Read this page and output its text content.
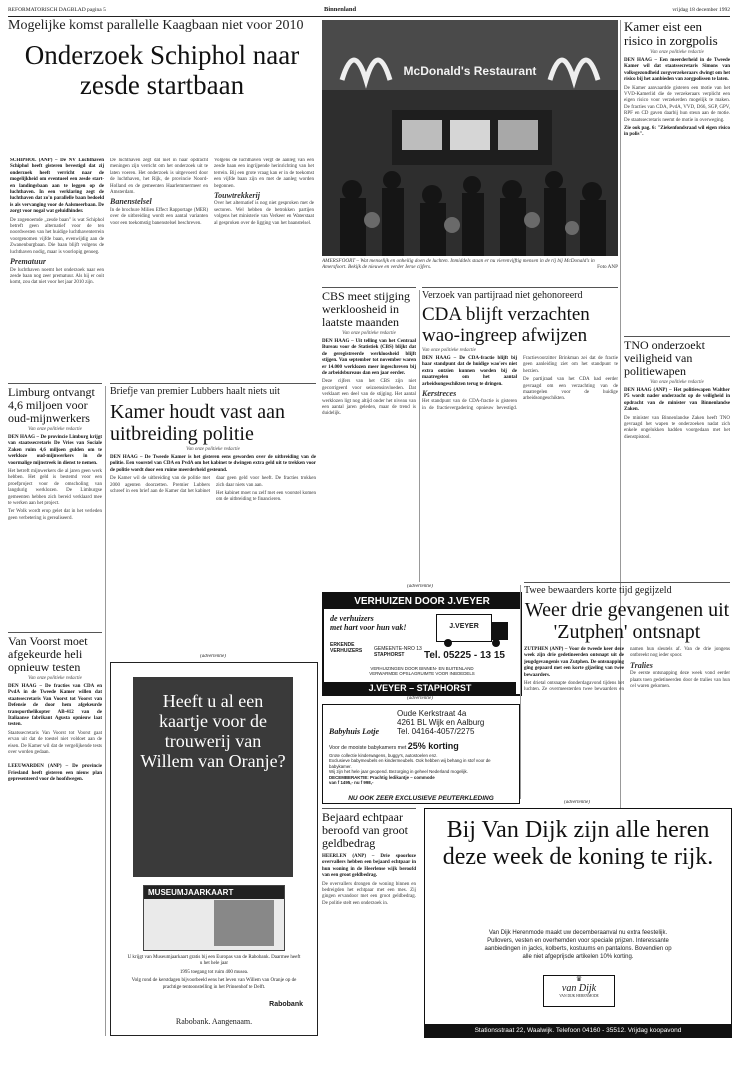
REFORMATORISCH DAGBLAD pagina 5	Binnenland	vrijdag 18 december 1992
Mogelijke komst parallelle Kaagbaan niet voor 2010
Onderzoek Schiphol naar zesde startbaan

SCHIPHOL (ANP) – De NV Luchthaven Schiphol heeft gisteren bevestigd dat zij onderzoek heeft verricht naar de mogelijkheid om eventueel een zesde start- en landingsbaan aan te leggen op de luchthaven. In een verklaring zegt de luchthaven dat zo'n parallelle baan bedoeld is als vervanging voor de Aalsmeerbaan. De zorgt voor nogal wat geluidhinder.

De zogenoemde „zesde baan" is wat Schiphol betreft geen alternatief voor de ten noordwesten van het huidige luchthaventerrein voorgenomen vijfde baan, evenwijdig aan de Zwanenburgbaan. Die baan blijft volgens de luchthaven nodig, maar is voorlopig genoeg.

Prematuur

De luchthaven noemt het onderzoek naar een zesde baan nog zeer prematuur. Als hij er ooit komt, zou dat niet voor het jaar 2010 zijn.

De luchthaven zegt dat niet in haar opdracht meningen zijn verricht om het onderzoek uit te laten voeren. Het onderzoek is uitgevoerd door de luchthaven, het Rijk, de provincie Noord-Holland en de gemeenten Haarlemmermeer en Amsterdam.

Banenstelsel

In de brochure Milieu Effect Rapportage (MER) over de uitbreiding wordt een aantal varianten voor een toekomstig banenstelsel beschreven.

Volgens de luchthaven vergt de aanleg van een zesde baan een ingrijpende herinrichting van het terrein. Bij een grote vraag kan er in de toekomst een vijfde baan zijn en met de aanleg worden begonnen.

Touwtrekkerij

Over het alternatief is nog niet gesproken met de sectoren. Wel hebben de betrokken partijen volgens het ministerie van Verkeer en Waterstaat al gesproken over de ligging van het baanstelsel.

McDonald's Restaurant
AMERSFOORT – Wat menselijk en onheilig doen de luchten. Inmiddels staan er nu vierenvijftig mensen in de rij bij McDonald's in Amersfoort. Bekijk de nieuwe en verder Ierse cijfers.	Foto ANP
Kamer eist een risico in zorgpolis
Van onze politieke redactie

DEN HAAG – Een meerderheid in de Tweede Kamer wil dat staatssecretaris Simons van volksgezondheid zorgverzekeraars dwingt om het risico bij het aanbieden van zorgpolissen te laten.

De Kamer aanvaardde gisteren een motie van het VVD-Kamerlid die de verzekeraars verplicht een eigen risico voor verzekerden mogelijk te maken. De fracties van CDA, PvdA, VVD, D66, SGP, GPV, RPF en CD gaven daarbij hun steun aan de motie. De staatssecretaris neemt de motie in overweging.

Zie ook pag. 6: "Ziekenfondsraad wil eigen risico in polis".

CBS meet stijging werkloosheid in laatste maanden
Van onze politieke redactie

DEN HAAG – Uit telling van het Centraal Bureau voor de Statistiek (CBS) blijkt dat de geregistreerde werkloosheid blijft stijgen. Van september tot november waren er 14.000 werklozen meer ingeschreven bij de arbeidsbureaus dan een jaar eerder.

Deze cijfers van het CBS zijn niet gecorrigeerd voor seizoensinvloeden. Dat verklaart een deel van de stijging. Het aantal werklozen ligt nog altijd onder het niveau van een aantal jaren geleden, maar de trend is duidelijk.

Verzoek van partijraad niet gehonoreerd
CDA blijft verzachten wao-ingreep afwijzen
Van onze politieke redactie

DEN HAAG – De CDA-fractie blijft bij haar standpunt dat de huidige wao'ers niet extra ontzien kunnen worden bij de maatregelen om het aantal arbeidsongeschikten terug te dringen.

Kerstreces

Het standpunt van de CDA-fractie is gisteren in de fractievergadering opnieuw bevestigd. Fractievoorzitter Brinkman zei dat de fractie geen aanleiding ziet om het standpunt te herzien.

De partijraad van het CDA had eerder gevraagd om een verzachting van de maatregelen voor de huidige arbeidsongeschikten.

TNO onderzoekt veiligheid van politiewapen
Van onze politieke redactie

DEN HAAG (ANP) – Het politiewapen Walther P5 wordt nader onderzocht op de veiligheid in opdracht van de minister van Binnenlandse Zaken.

De minister van Binnenlandse Zaken heeft TNO gevraagd het wapen te onderzoeken nadat zich enkele ongelukken hadden voorgedaan met het dienstpistool.

Limburg ontvangt 4,6 miljoen voor oud-mijnwerkers
Van onze politieke redactie

DEN HAAG – De provincie Limburg krijgt van staatssecretaris De Vries van Sociale Zaken ruim 4,6 miljoen gulden om te werkloze oud-mijnwerkers in de voormalige mijnstreek in dienst te nemen.

Het betreft mijnwerkers die al jaren geen werk hebben. Het geld is bestemd voor een proefproject voor de omscholing van langdurig werklozen. De Limburgse gemeenten hebben zich bereid verklaard mee te werken aan het project.

Ter Wolk wordt erop gelet dat in het verleden geen verbetering is gerealiseerd.

Briefje van premier Lubbers haalt niets uit
Kamer houdt vast aan uitbreiding politie
Van onze politieke redactie

DEN HAAG – De Tweede Kamer is het gisteren eens geworden over de uitbreiding van de politie. Een voorstel van CDA en PvdA om het kabinet te dwingen extra geld uit te trekken voor de politie wordt door een ruime meerderheid gesteund.

De Kamer wil de uitbreiding van de politie met 2000 agenten doorzetten. Premier Lubbers schreef in een brief aan de Kamer dat het kabinet daar geen geld voor heeft. De fracties trokken zich daar niets van aan.

Het kabinet moet nu zelf met een voorstel komen om de uitbreiding te financieren.

Van Voorst moet afgekeurde heli opnieuw testen
Van onze politieke redactie

DEN HAAG – De fracties van CDA en PvdA in de Tweede Kamer willen dat staatssecretaris Van Voorst tot Voorst van Defensie de door hem afgekeurde transporthelikopter AB-412 van de Italiaanse fabrikant Agusta opnieuw laat testen.

Staatssecretaris Van Voorst tot Voorst gaat ervan uit dat de toestel niet voldoet aan de eisen. De Kamer wil dat de vergelijkende tests over worden gedaan.

LEEUWARDEN (ANP) – De provincie Friesland heeft gisteren een nieuw plan gepresenteerd voor de hoofdwegen.

(advertentie)
Heeft u al een kaartje voor de trouwerij van Willem van Oranje?
MUSEUMJAARKAART

U krijgt van Museumjaarkaart gratis bij een Europas van de Rabobank. Daarmee heeft u het hele jaar

1995 toegang tot ruim 400 musea.

Volg rond de kerstdagen bijvoorbeeld eens het leven van Willem van Oranje op de prachtige tentoonstelling in het Prinsenhof te Delft.

Rabobank
Rabobank. Aangenaam.
(advertentie)
VERHUIZEN DOOR J.VEYER
de verhuizers
met hart voor hun vak!	J.VEYER
ERKENDE
VERHUIZERS	GEMEENTE-NRO 13
STAPHORST	Tel. 05225 - 13 15
VERHUIZINGEN DOOR BINNEN- EN BUITENLAND
VERWARMDE OPSLAGRUIMTE VOOR INBOEDELS
J.VEYER – STAPHORST
(advertentie)
Babyhuis Lotje
Oude Kerkstraat 4a
4261 BL Wijk en Aalburg
Tel. 04164-4057/2275
Voor de mooiste babykamers met 25% korting
Grote collectie kinderwagens, buggy's, autostoelen enz.
Exclusieve babymeubels en kindermeubels. Ook hebben wij behang in stof voor de babykamer.
Wij zijn het hele jaar geopend. Bezorging in geheel Nederland mogelijk.
DECEMBERAKTIE: Prachtig ledikantje – commode
van f 1495,- nu f 998,-
NU OOK ZEER EXCLUSIEVE PEUTERKLEDING
Twee bewaarders korte tijd gegijzeld
Weer drie gevangenen uit 'Zutphen' ontsnapt

ZUTPHEN (ANP) – Voor de tweede keer deze week zijn drie gedetineerden ontsnapt uit de jeugdgevangenis van Zutphen. De ontsnapping ging gepaard met een korte gijzeling van twee bewaarders.

Het drietal ontsnapte donderdagavond tijdens het luchten. Ze overmeesterden twee bewaarders en namen hun sleutels af. Van de drie jongens ontbreekt nog ieder spoor.

Tralies

De eerste ontsnapping deze week vond eerder plaats toen gedetineerden door de tralies van hun cel waren gekomen.

Bejaard echtpaar beroofd van groot geldbedrag

HEERLEN (ANP) – Drie spoorloze overvallers hebben een bejaard echtpaar in hun woning in de Heerlense wijk beroofd van een groot geldbedrag.

De overvallers drongen de woning binnen en bedreigden het echtpaar met een mes. Zij gingen ervandoor met een groot geldbedrag. De politie stelt een onderzoek in.

(advertentie)
Bij Van Dijk zijn alle heren deze week de koning te rijk.
Van Dijk Herenmode maakt uw decemberaanval nu extra feestelijk.
Pullovers, vesten en overhemden voor speciale prijzen. Interessante
aanbiedingen in jacks, kolberts, kostuums en pantalons. Bovendien op
alle niet afgeprijsde artikelen 10% korting.
♛
van Dijk
VAN DIJK HERENMODE
Stationsstraat 22, Waalwijk. Telefoon 04160 - 35512. Vrijdag koopavond
